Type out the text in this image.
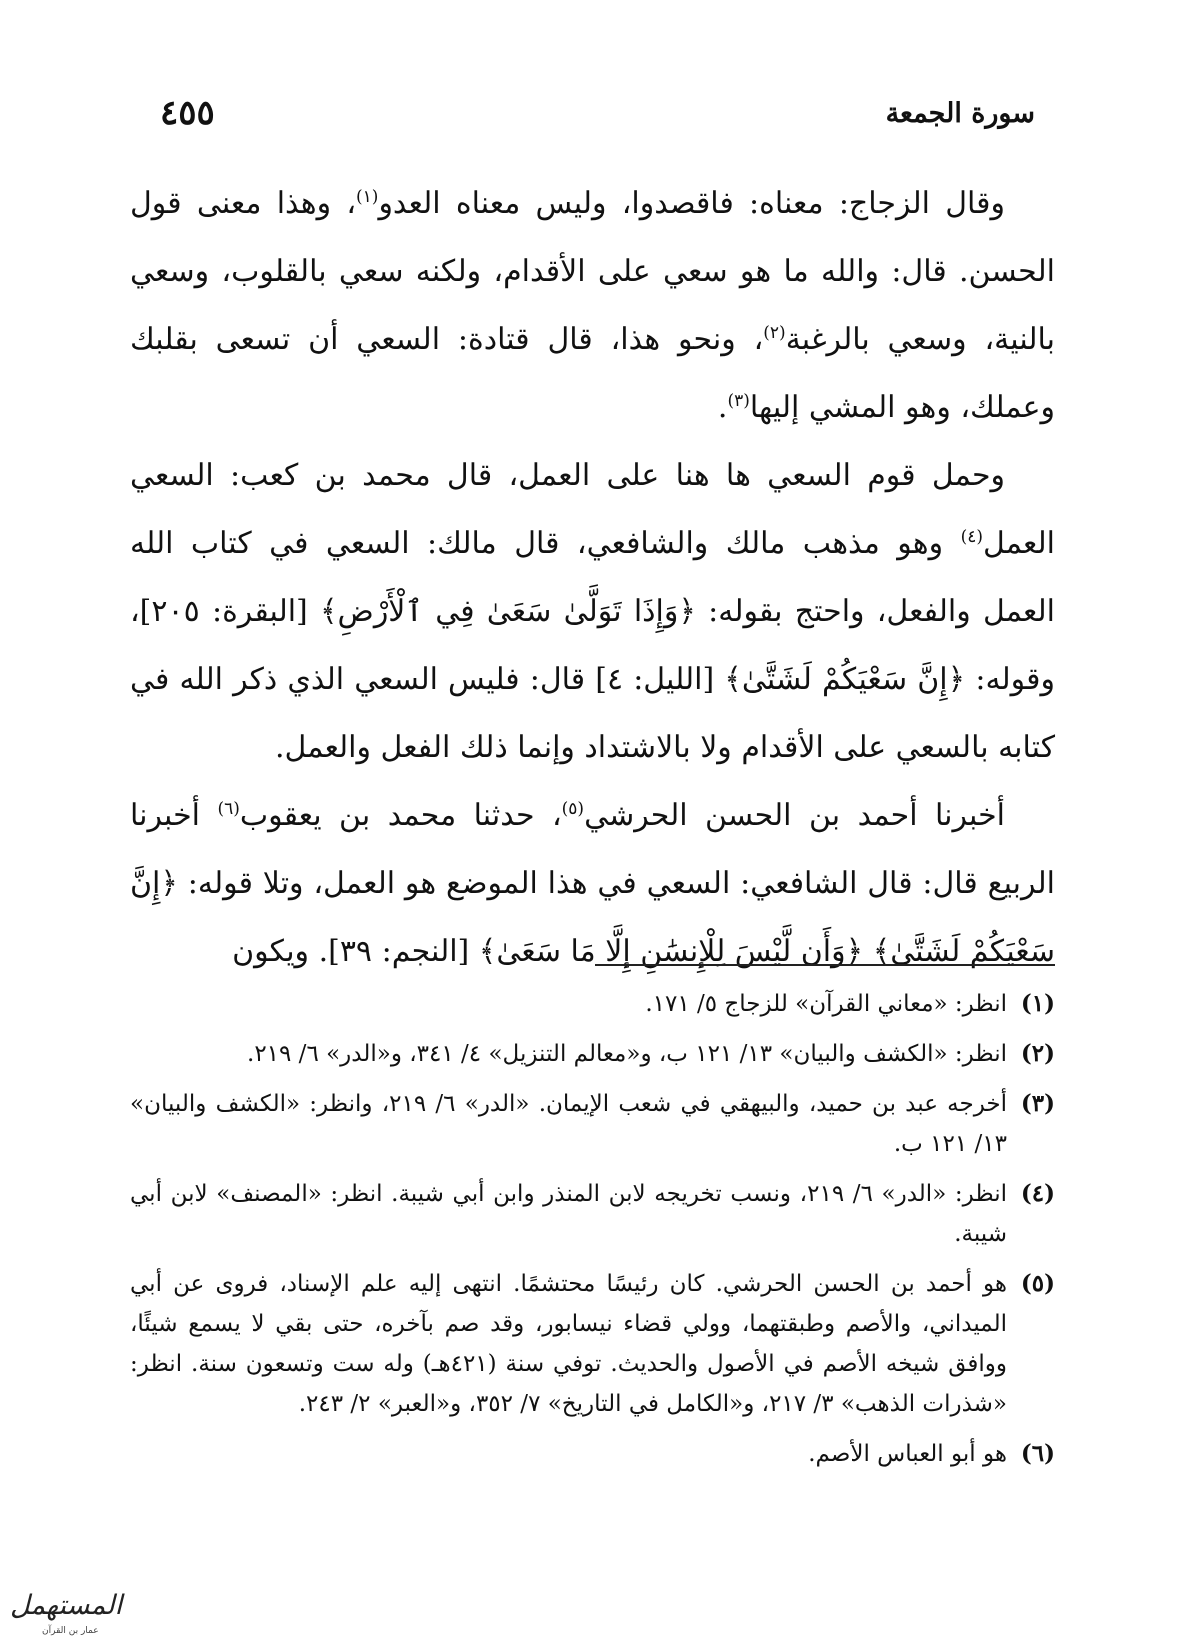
سورة الجمعة
٤٥٥

وقال الزجاج: معناه: فاقصدوا، وليس معناه العدو$^{(١)}$، وهذا معنى قول الحسن. قال: والله ما هو سعي على الأقدام، ولكنه سعي بالقلوب، وسعي بالنية، وسعي بالرغبة$^{(٢)}$، ونحو هذا، قال قتادة: السعي أن تسعى بقلبك وعملك، وهو المشي إليها$^{(٣)}$.

وحمل قوم السعي ها هنا على العمل، قال محمد بن كعب: السعي العمل$^{(٤)}$ وهو مذهب مالك والشافعي، قال مالك: السعي في كتاب الله العمل والفعل، واحتج بقوله: ﴿وَإِذَا تَوَلَّىٰ سَعَىٰ فِي ٱلْأَرْضِ﴾ [البقرة: ٢٠٥]، وقوله: ﴿إِنَّ سَعْيَكُمْ لَشَتَّىٰ﴾ [الليل: ٤] قال: فليس السعي الذي ذكر الله في كتابه بالسعي على الأقدام ولا بالاشتداد وإنما ذلك الفعل والعمل.

أخبرنا أحمد بن الحسن الحرشي$^{(٥)}$، حدثنا محمد بن يعقوب$^{(٦)}$ أخبرنا الربيع قال: قال الشافعي: السعي في هذا الموضع هو العمل، وتلا قوله: ﴿إِنَّ سَعْيَكُمْ لَشَتَّىٰ﴾ ﴿وَأَن لَّيْسَ لِلْإِنسَٰنِ إِلَّا مَا سَعَىٰ﴾ [النجم: ٣٩]. ويكون

(١)
انظر: «معاني القرآن» للزجاج ٥/ ١٧١.
(٢)
انظر: «الكشف والبيان» ١٣/ ١٢١ ب، و«معالم التنزيل» ٤/ ٣٤١، و«الدر» ٦/ ٢١٩.
(٣)
أخرجه عبد بن حميد، والبيهقي في شعب الإيمان. «الدر» ٦/ ٢١٩، وانظر: «الكشف والبيان» ١٣/ ١٢١ ب.
(٤)
انظر: «الدر» ٦/ ٢١٩، ونسب تخريجه لابن المنذر وابن أبي شيبة. انظر: «المصنف» لابن أبي شيبة.
(٥)
هو أحمد بن الحسن الحرشي. كان رئيسًا محتشمًا. انتهى إليه علم الإسناد، فروى عن أبي الميداني، والأصم وطبقتهما، وولي قضاء نيسابور، وقد صم بآخره، حتى بقي لا يسمع شيئًا، ووافق شيخه الأصم في الأصول والحديث. توفي سنة (٤٢١هـ) وله ست وتسعون سنة. انظر: «شذرات الذهب» ٣/ ٢١٧، و«الكامل في التاريخ» ٧/ ٣٥٢، و«العبر» ٢/ ٢٤٣.
(٦)
هو أبو العباس الأصم.
المستهمل
عمار بن القرآن
